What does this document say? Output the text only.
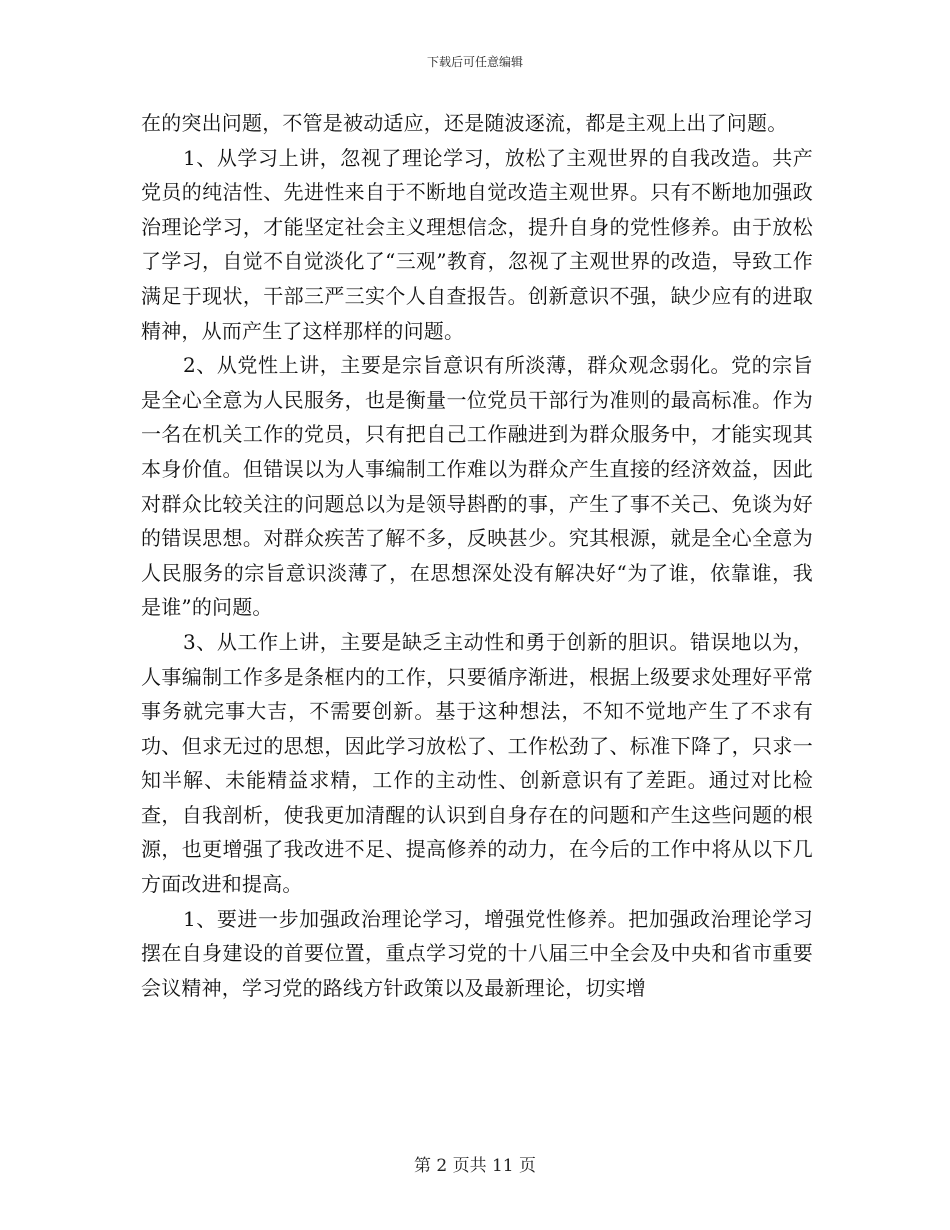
下载后可任意编辑

在的突出问题，不管是被动适应，还是随波逐流，都是主观上出了问题。

1、从学习上讲，忽视了理论学习，放松了主观世界的自我改造。共产党员的纯洁性、先进性来自于不断地自觉改造主观世界。只有不断地加强政治理论学习，才能坚定社会主义理想信念，提升自身的党性修养。由于放松了学习，自觉不自觉淡化了“三观”教育，忽视了主观世界的改造，导致工作满足于现状，干部三严三实个人自查报告。创新意识不强，缺少应有的进取精神，从而产生了这样那样的问题。

2、从党性上讲，主要是宗旨意识有所淡薄，群众观念弱化。党的宗旨是全心全意为人民服务，也是衡量一位党员干部行为准则的最高标准。作为一名在机关工作的党员，只有把自己工作融进到为群众服务中，才能实现其本身价值。但错误以为人事编制工作难以为群众产生直接的经济效益，因此对群众比较关注的问题总以为是领导斟酌的事，产生了事不关己、免谈为好的错误思想。对群众疾苦了解不多，反映甚少。究其根源，就是全心全意为人民服务的宗旨意识淡薄了，在思想深处没有解决好“为了谁，依靠谁，我是谁”的问题。

3、从工作上讲，主要是缺乏主动性和勇于创新的胆识。错误地以为，人事编制工作多是条框内的工作，只要循序渐进，根据上级要求处理好平常事务就完事大吉，不需要创新。基于这种想法，不知不觉地产生了不求有功、但求无过的思想，因此学习放松了、工作松劲了、标准下降了，只求一知半解、未能精益求精，工作的主动性、创新意识有了差距。通过对比检查，自我剖析，使我更加清醒的认识到自身存在的问题和产生这些问题的根源，也更增强了我改进不足、提高修养的动力，在今后的工作中将从以下几方面改进和提高。

1、要进一步加强政治理论学习，增强党性修养。把加强政治理论学习摆在自身建设的首要位置，重点学习党的十八届三中全会及中央和省市重要会议精神，学习党的路线方针政策以及最新理论，切实增

第 2 页共 11 页
